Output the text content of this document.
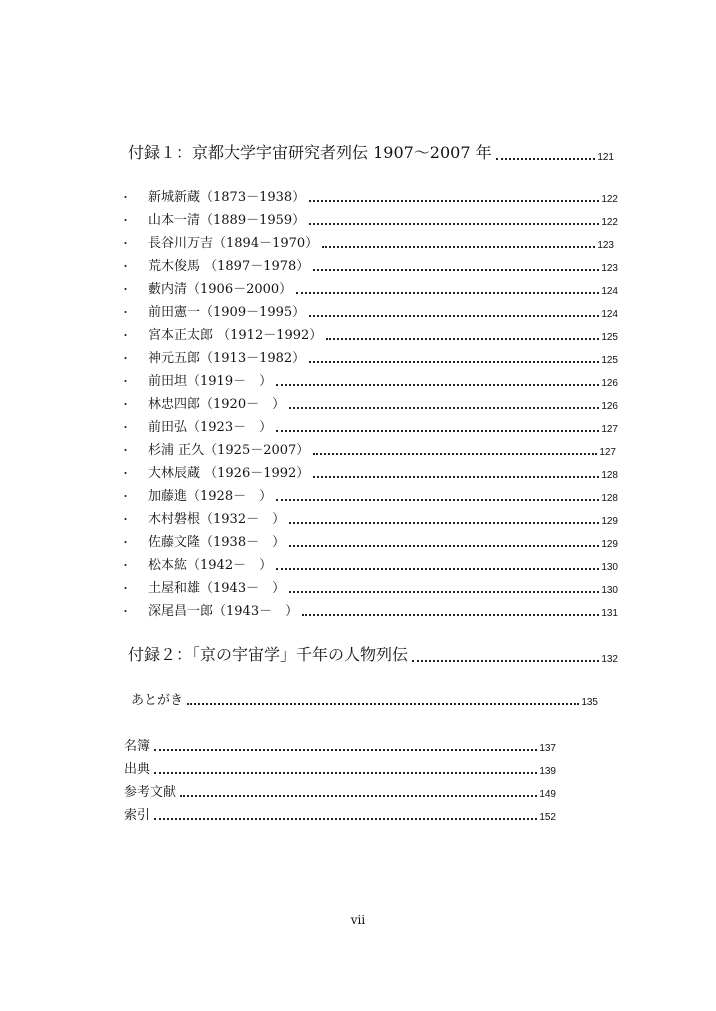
付録１：京都大学宇宙研究者列伝 1907〜2007 年	121
・ 新城新蔵（1873－1938）	122
・ 山本一清（1889－1959）	122
・ 長谷川万吉（1894－1970）	123
・ 荒木俊馬 （1897－1978）	123
・ 藪内清（1906－2000）	124
・ 前田憲一（1909－1995）	124
・ 宮本正太郎 （1912－1992）	125
・ 神元五郎（1913－1982）	125
・ 前田坦（1919－　）	126
・ 林忠四郎（1920－　）	126
・ 前田弘（1923－　）	127
・ 杉浦 正久（1925－2007）	127
・ 大林辰蔵 （1926－1992）	128
・ 加藤進（1928－　）	128
・ 木村磐根（1932－　）	129
・ 佐藤文隆（1938－　）	129
・ 松本紘（1942－　）	130
・ 土屋和雄（1943－　）	130
・ 深尾昌一郎（1943－　）	131
付録２：「京の宇宙学」千年の人物列伝	132
あとがき	135
名簿	137
出典	139
参考文献	149
索引	152
vii
